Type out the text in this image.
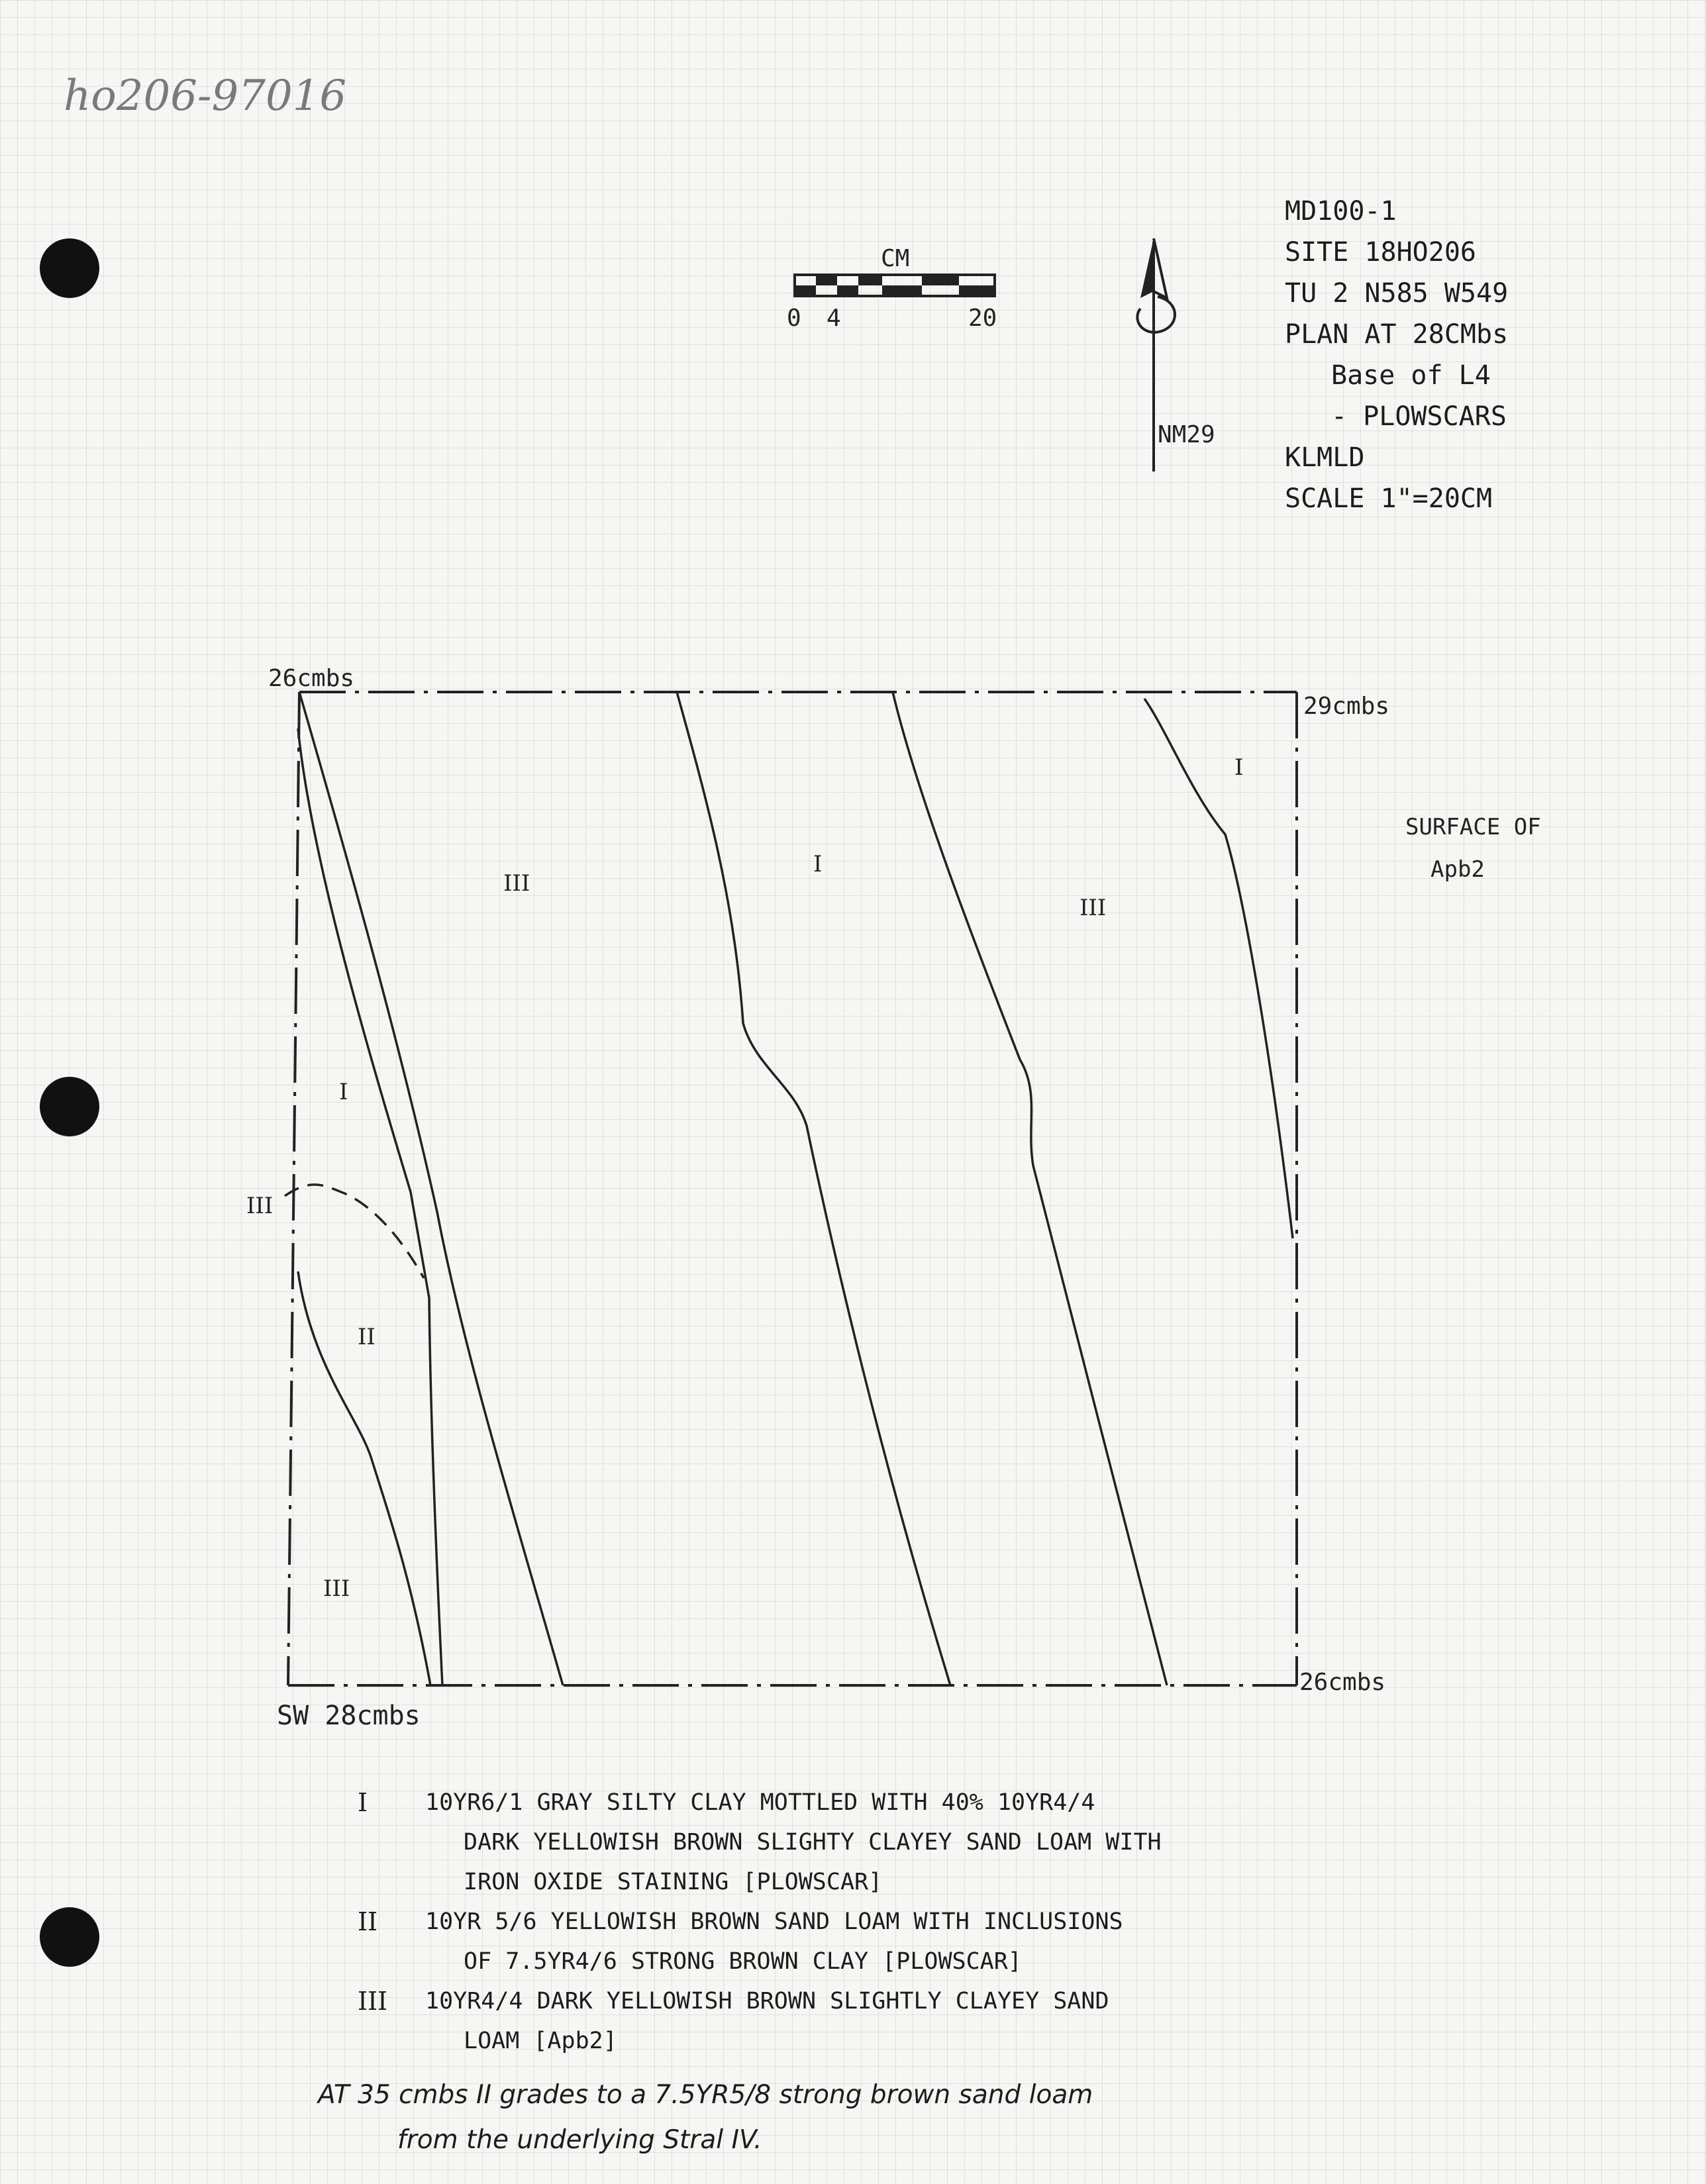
ho206-97016
MD100-1
SITE 18HO206
TU 2 N585 W549
PLAN AT 28CMbs
Base of L4
- PLOWSCARS
KLMLD
SCALE 1"=20CM
CM
0 4	20
NM29
26cmbs
29cmbs
26cmbs
SW 28cmbs
SURFACE OF
Apb2
III
I
III
I
I
III
II
III
I	10YR6/1 GRAY SILTY CLAY MOTTLED WITH 40% 10YR4/4
DARK YELLOWISH BROWN SLIGHTY CLAYEY SAND LOAM WITH
IRON OXIDE STAINING [PLOWSCAR]
II	10YR 5/6 YELLOWISH BROWN SAND LOAM WITH INCLUSIONS
OF 7.5YR4/6 STRONG BROWN CLAY [PLOWSCAR]
III	10YR4/4 DARK YELLOWISH BROWN SLIGHTLY CLAYEY SAND
LOAM [Apb2]
AT 35 cmbs II grades to a 7.5YR5/8 strong brown sand loam
from the underlying Stral IV.
